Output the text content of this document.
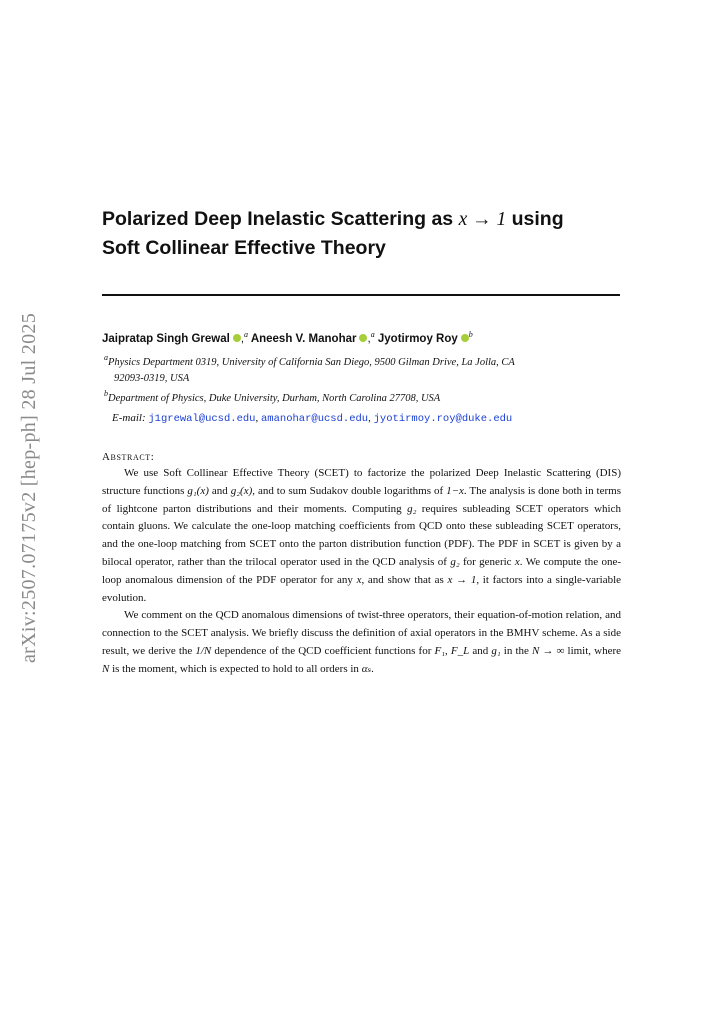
arXiv:2507.07175v2 [hep-ph] 28 Jul 2025
Polarized Deep Inelastic Scattering as x → 1 using
Soft Collinear Effective Theory
Jaipratap Singh Grewal ,$^a$ Aneesh V. Manohar ,$^a$ Jyotirmoy Roy $^b$
$^a$Physics Department 0319, University of California San Diego, 9500 Gilman Drive, La Jolla, CA
92093-0319, USA
$^b$Department of Physics, Duke University, Durham, North Carolina 27708, USA
E-mail: j1grewal@ucsd.edu, amanohar@ucsd.edu, jyotirmoy.roy@duke.edu
Abstract:

We use Soft Collinear Effective Theory (SCET) to factorize the polarized Deep Inelastic Scattering (DIS) structure functions g₁(x) and g₂(x), and to sum Sudakov double logarithms of 1−x. The analysis is done both in terms of lightcone parton distributions and their moments. Computing g₂ requires subleading SCET operators which contain gluons. We calculate the one-loop matching coefficients from QCD onto these subleading SCET operators, and the one-loop matching from SCET onto the parton distribution function (PDF). The PDF in SCET is given by a bilocal operator, rather than the trilocal operator used in the QCD analysis of g₂ for generic x. We compute the one-loop anomalous dimension of the PDF operator for any x, and show that as x → 1, it factors into a single-variable evolution.

We comment on the QCD anomalous dimensions of twist-three operators, their equation-of-motion relation, and connection to the SCET analysis. We briefly discuss the definition of axial operators in the BMHV scheme. As a side result, we derive the 1/N dependence of the QCD coefficient functions for F₁, F_L and g₁ in the N → ∞ limit, where N is the moment, which is expected to hold to all orders in αₛ.
